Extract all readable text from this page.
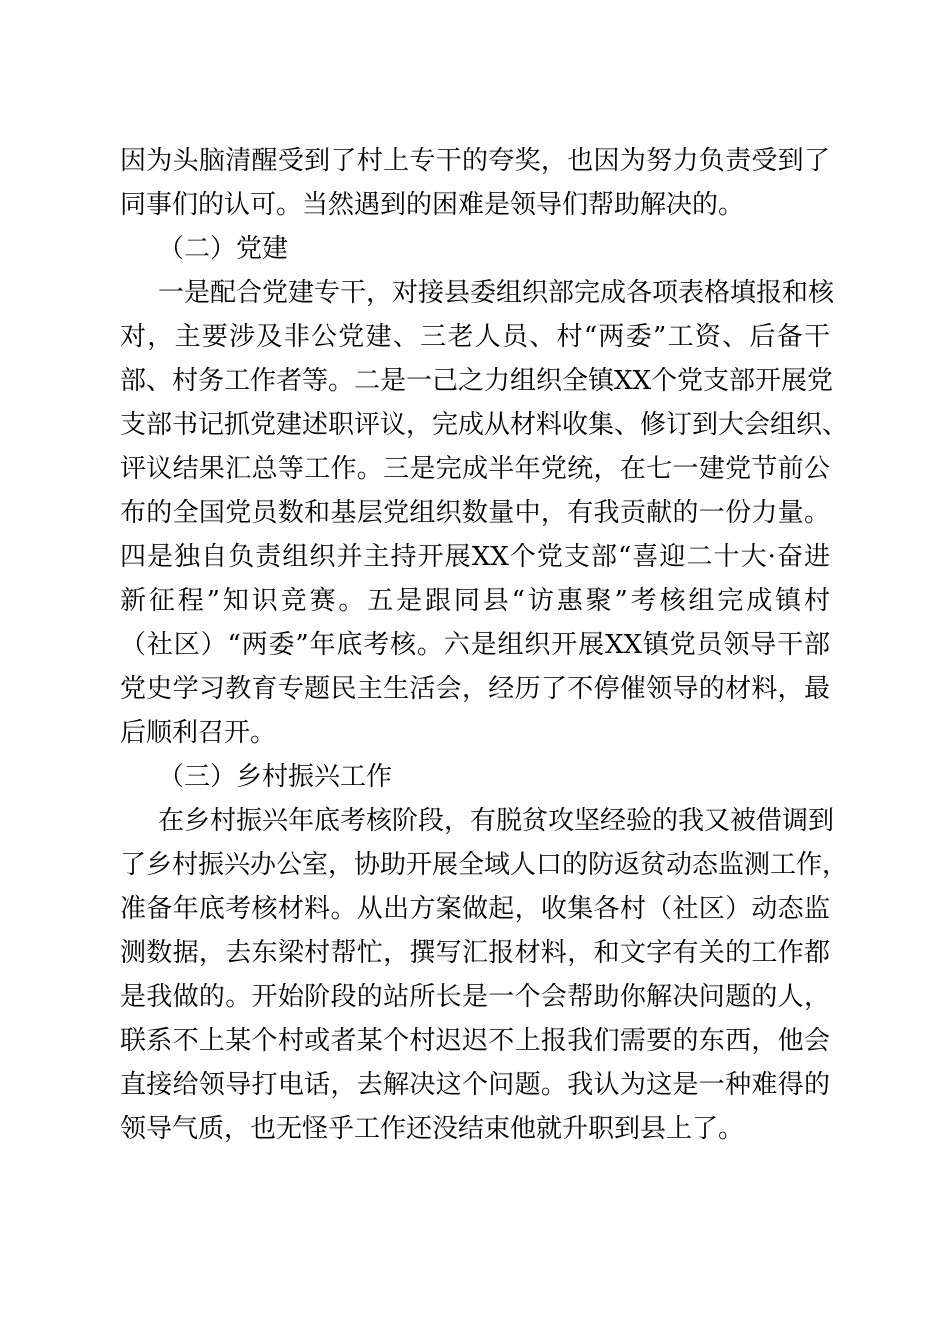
因为头脑清醒受到了村上专干的夸奖，也因为努力负责受到了
同事们的认可。当然遇到的困难是领导们帮助解决的。
（二）党建
一是配合党建专干，对接县委组织部完成各项表格填报和核
对，主要涉及非公党建、三老人员、村“两委”工资、后备干
部、村务工作者等。二是一己之力组织全镇XX个党支部开展党
支部书记抓党建述职评议，完成从材料收集、修订到大会组织、
评议结果汇总等工作。三是完成半年党统，在七一建党节前公
布的全国党员数和基层党组织数量中，有我贡献的一份力量。
四是独自负责组织并主持开展XX个党支部“喜迎二十大·奋进
新征程”知识竞赛。五是跟同县“访惠聚”考核组完成镇村
（社区）“两委”年底考核。六是组织开展XX镇党员领导干部
党史学习教育专题民主生活会，经历了不停催领导的材料，最
后顺利召开。
（三）乡村振兴工作
在乡村振兴年底考核阶段，有脱贫攻坚经验的我又被借调到
了乡村振兴办公室，协助开展全域人口的防返贫动态监测工作，
准备年底考核材料。从出方案做起，收集各村（社区）动态监
测数据，去东梁村帮忙，撰写汇报材料，和文字有关的工作都
是我做的。开始阶段的站所长是一个会帮助你解决问题的人，
联系不上某个村或者某个村迟迟不上报我们需要的东西，他会
直接给领导打电话，去解决这个问题。我认为这是一种难得的
领导气质，也无怪乎工作还没结束他就升职到县上了。
